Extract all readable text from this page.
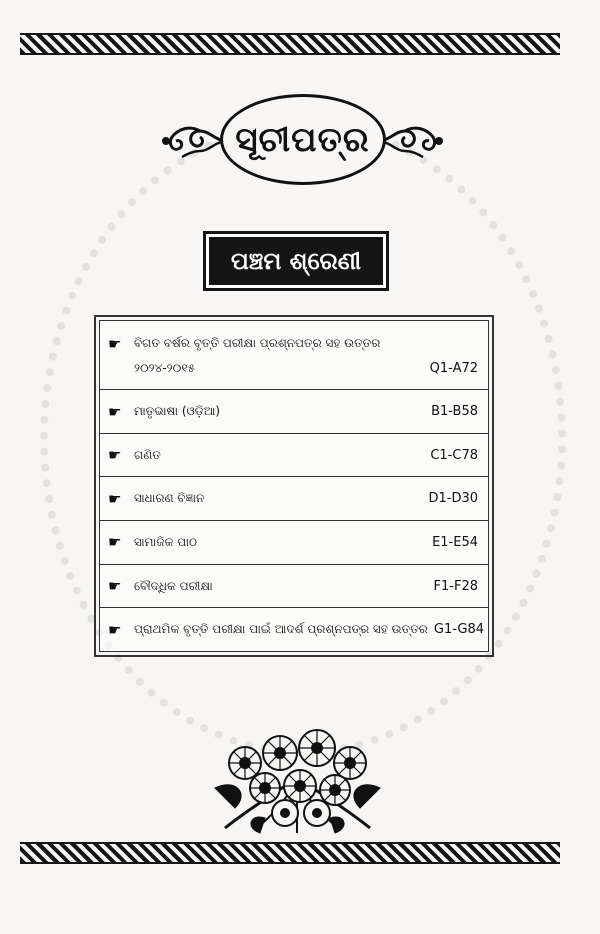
ସୂଚୀପତ୍ର
ପଞ୍ଚମ ଶ୍ରେଣୀ
☛	ବିଗତ ବର୍ଷର ବୃତ୍ତି ପରୀକ୍ଷା ପ୍ରଶ୍ନପତ୍ର ସହ ଉତ୍ତର
୨୦୨୪-୨୦୧୫	Q1-A72
☛	ମାତୃଭାଷା (ଓଡ଼ିଆ)	B1-B58
☛	ଗଣିତ	C1-C78
☛	ସାଧାରଣ ବିଜ୍ଞାନ	D1-D30
☛	ସାମାଜିକ ପାଠ	E1-E54
☛	ବୌଦ୍ଧିକ ପରୀକ୍ଷା	F1-F28
☛	ପ୍ରାଥମିକ ବୃତ୍ତି ପରୀକ୍ଷା ପାଇଁ ଆଦର୍ଶ ପ୍ରଶ୍ନପତ୍ର ସହ ଉତ୍ତର G1-G84
